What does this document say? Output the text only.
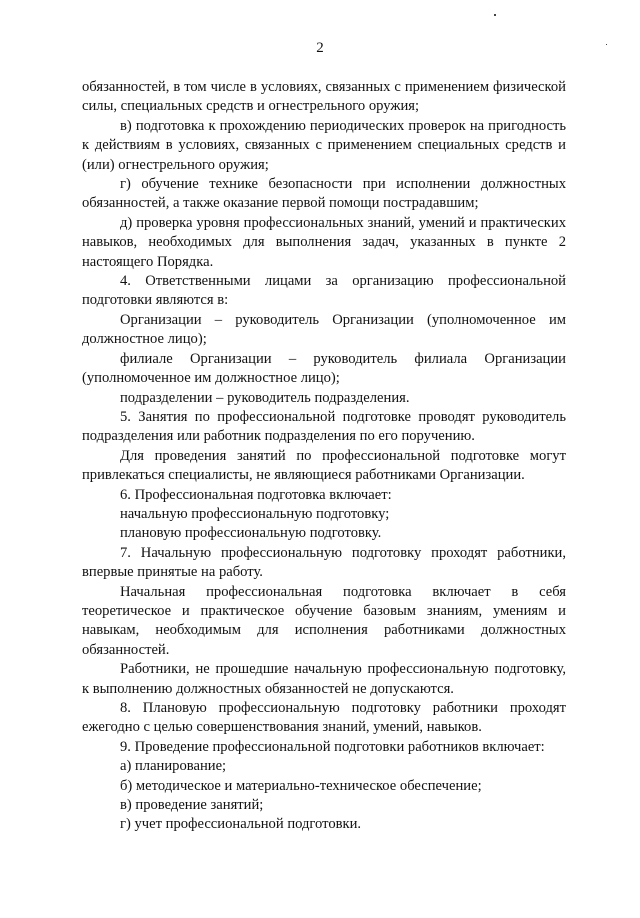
2

обязанностей, в том числе в условиях, связанных с применением физической силы, специальных средств и огнестрельного оружия;

в) подготовка к прохождению периодических проверок на пригодность к действиям в условиях, связанных с применением специальных средств и (или) огнестрельного оружия;

г) обучение технике безопасности при исполнении должностных обязанностей, а также оказание первой помощи пострадавшим;

д) проверка уровня профессиональных знаний, умений и практических навыков, необходимых для выполнения задач, указанных в пункте 2 настоящего Порядка.

4. Ответственными лицами за организацию профессиональной подготовки являются в:

Организации – руководитель Организации (уполномоченное им должностное лицо);

филиале Организации – руководитель филиала Организации (уполномоченное им должностное лицо);

подразделении – руководитель подразделения.

5. Занятия по профессиональной подготовке проводят руководитель подразделения или работник подразделения по его поручению.

Для проведения занятий по профессиональной подготовке могут привлекаться специалисты, не являющиеся работниками Организации.

6. Профессиональная подготовка включает:

начальную профессиональную подготовку;

плановую профессиональную подготовку.

7. Начальную профессиональную подготовку проходят работники, впервые принятые на работу.

Начальная профессиональная подготовка включает в себя теоретическое и практическое обучение базовым знаниям, умениям и навыкам, необходимым для исполнения работниками должностных обязанностей.

Работники, не прошедшие начальную профессиональную подготовку, к выполнению должностных обязанностей не допускаются.

8. Плановую профессиональную подготовку работники проходят ежегодно с целью совершенствования знаний, умений, навыков.

9. Проведение профессиональной подготовки работников включает:

а) планирование;

б) методическое и материально-техническое обеспечение;

в) проведение занятий;

г) учет профессиональной подготовки.
